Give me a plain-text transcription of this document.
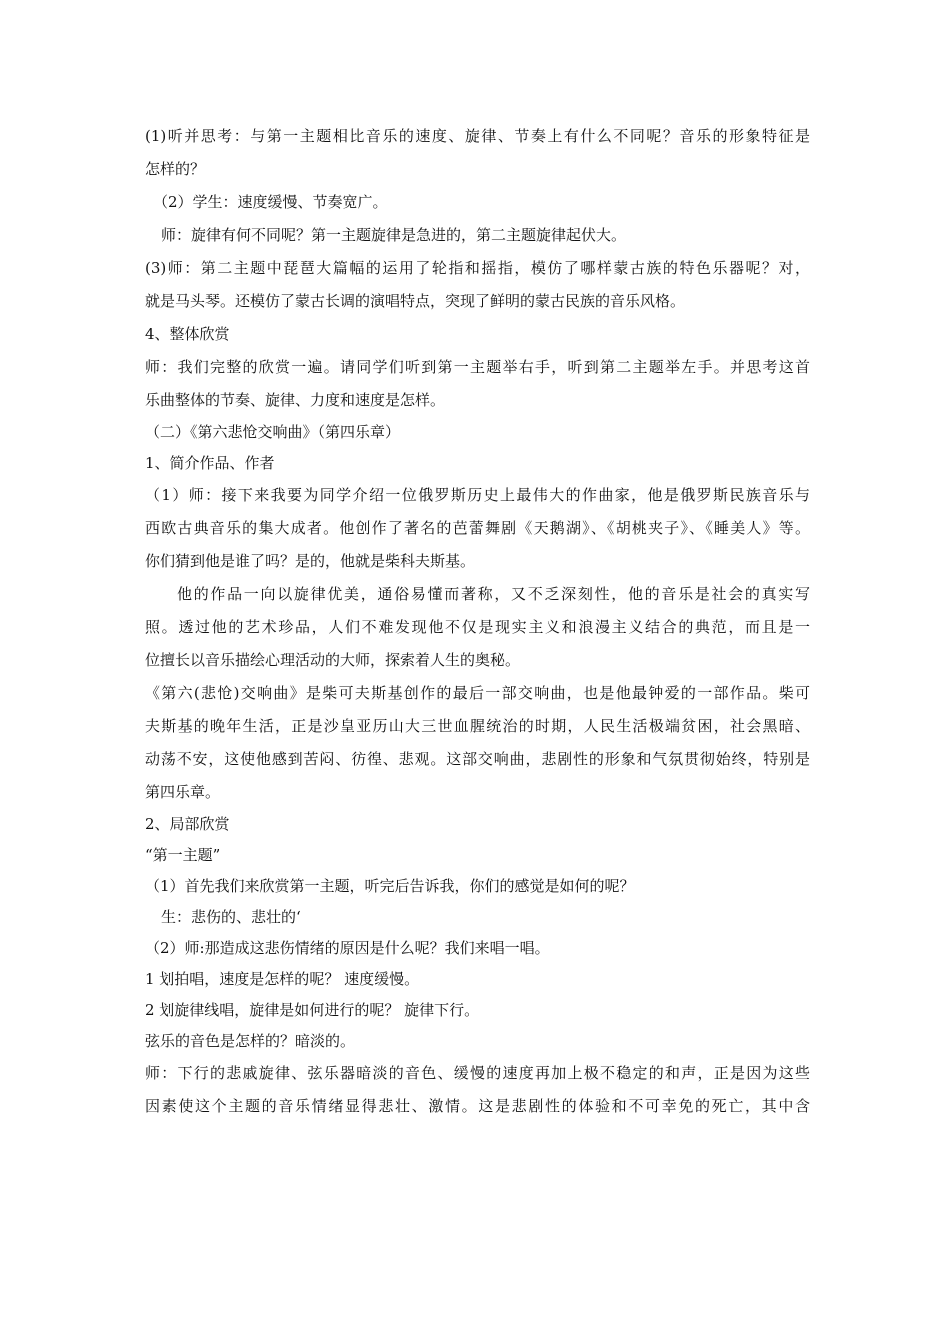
(1)听并思考：与第一主题相比音乐的速度、旋律、节奏上有什么不同呢？音乐的形象特征是

怎样的？

（2）学生：速度缓慢、节奏宽广。

师：旋律有何不同呢？第一主题旋律是急进的，第二主题旋律起伏大。

(3)师：第二主题中琵琶大篇幅的运用了轮指和摇指，模仿了哪样蒙古族的特色乐器呢？对，

就是马头琴。还模仿了蒙古长调的演唱特点，突现了鲜明的蒙古民族的音乐风格。

4、整体欣赏

师：我们完整的欣赏一遍。请同学们听到第一主题举右手，听到第二主题举左手。并思考这首

乐曲整体的节奏、旋律、力度和速度是怎样。

（二）《第六悲怆交响曲》（第四乐章）

1、简介作品、作者

（1）师：接下来我要为同学介绍一位俄罗斯历史上最伟大的作曲家，他是俄罗斯民族音乐与

西欧古典音乐的集大成者。他创作了著名的芭蕾舞剧《天鹅湖》、《胡桃夹子》、《睡美人》等。

你们猜到他是谁了吗？是的，他就是柴科夫斯基。

他的作品一向以旋律优美，通俗易懂而著称，又不乏深刻性，他的音乐是社会的真实写

照。透过他的艺术珍品，人们不难发现他不仅是现实主义和浪漫主义结合的典范，而且是一

位擅长以音乐描绘心理活动的大师，探索着人生的奥秘。

《第六(悲怆)交响曲》是柴可夫斯基创作的最后一部交响曲，也是他最钟爱的一部作品。柴可

夫斯基的晚年生活，正是沙皇亚历山大三世血腥统治的时期，人民生活极端贫困，社会黑暗、

动荡不安，这使他感到苦闷、彷徨、悲观。这部交响曲，悲剧性的形象和气氛贯彻始终，特别是

第四乐章。

2、局部欣赏

“第一主题”

（1）首先我们来欣赏第一主题，听完后告诉我，你们的感觉是如何的呢？

生：悲伤的、悲壮的‘

（2）师:那造成这悲伤情绪的原因是什么呢？我们来唱一唱。

1 划拍唱，速度是怎样的呢？ 速度缓慢。

2 划旋律线唱，旋律是如何进行的呢？ 旋律下行。

弦乐的音色是怎样的？暗淡的。

师：下行的悲戚旋律、弦乐器暗淡的音色、缓慢的速度再加上极不稳定的和声，正是因为这些

因素使这个主题的音乐情绪显得悲壮、激情。这是悲剧性的体验和不可幸免的死亡，其中含
